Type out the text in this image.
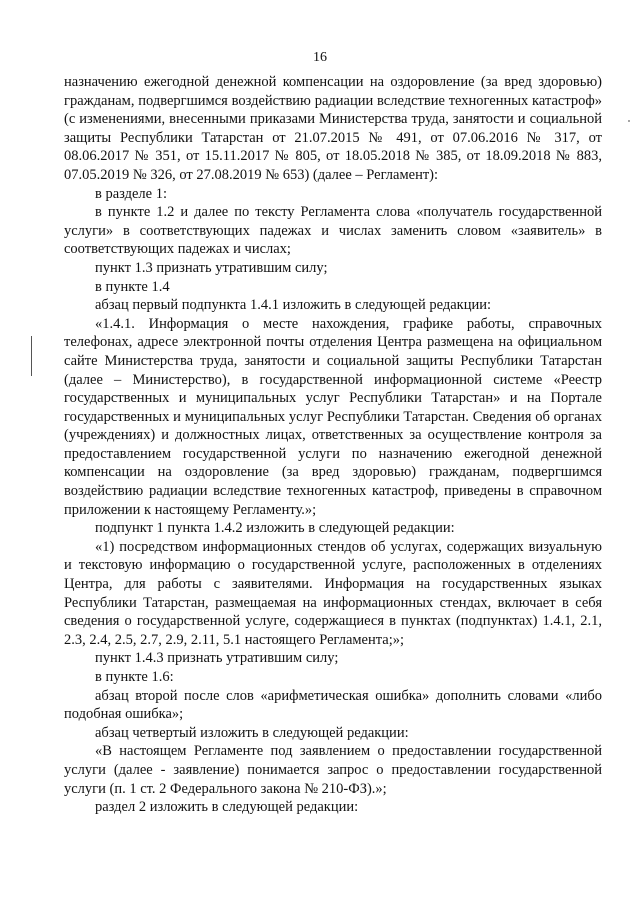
16

назначению ежегодной денежной компенсации на оздоровление (за вред здоровью) гражданам, подвергшимся воздействию радиации вследствие техногенных катастроф» (с изменениями, внесенными приказами Министерства труда, занятости и социальной защиты Республики Татарстан от 21.07.2015 № 491, от 07.06.2016 № 317, от 08.06.2017 № 351, от 15.11.2017 № 805, от 18.05.2018 № 385, от 18.09.2018 № 883, 07.05.2019 № 326, от 27.08.2019 № 653) (далее – Регламент):

в разделе 1:

в пункте 1.2 и далее по тексту Регламента слова «получатель государственной услуги» в соответствующих падежах и числах заменить словом «заявитель» в соответствующих падежах и числах;

пункт 1.3 признать утратившим силу;

в пункте 1.4

абзац первый подпункта 1.4.1 изложить в следующей редакции:

«1.4.1. Информация о месте нахождения, графике работы, справочных телефонах, адресе электронной почты отделения Центра размещена на официальном сайте Министерства труда, занятости и социальной защиты Республики Татарстан (далее – Министерство), в государственной информационной системе «Реестр государственных и муниципальных услуг Республики Татарстан» и на Портале государственных и муниципальных услуг Республики Татарстан. Сведения об органах (учреждениях) и должностных лицах, ответственных за осуществление контроля за предоставлением государственной услуги по назначению ежегодной денежной компенсации на оздоровление (за вред здоровью) гражданам, подвергшимся воздействию радиации вследствие техногенных катастроф, приведены в справочном приложении к настоящему Регламенту.»;

подпункт 1 пункта 1.4.2 изложить в следующей редакции:

«1) посредством информационных стендов об услугах, содержащих визуальную и текстовую информацию о государственной услуге, расположенных в отделениях Центра, для работы с заявителями. Информация на государственных языках Республики Татарстан, размещаемая на информационных стендах, включает в себя сведения о государственной услуге, содержащиеся в пунктах (подпунктах) 1.4.1, 2.1, 2.3, 2.4, 2.5, 2.7, 2.9, 2.11, 5.1 настоящего Регламента;»;

пункт 1.4.3 признать утратившим силу;

в пункте 1.6:

абзац второй после слов «арифметическая ошибка» дополнить словами «либо подобная ошибка»;

абзац четвертый изложить в следующей редакции:

«В настоящем Регламенте под заявлением о предоставлении государственной услуги (далее - заявление) понимается запрос о предоставлении государственной услуги (п. 1 ст. 2 Федерального закона № 210-ФЗ).»;

раздел 2 изложить в следующей редакции:
